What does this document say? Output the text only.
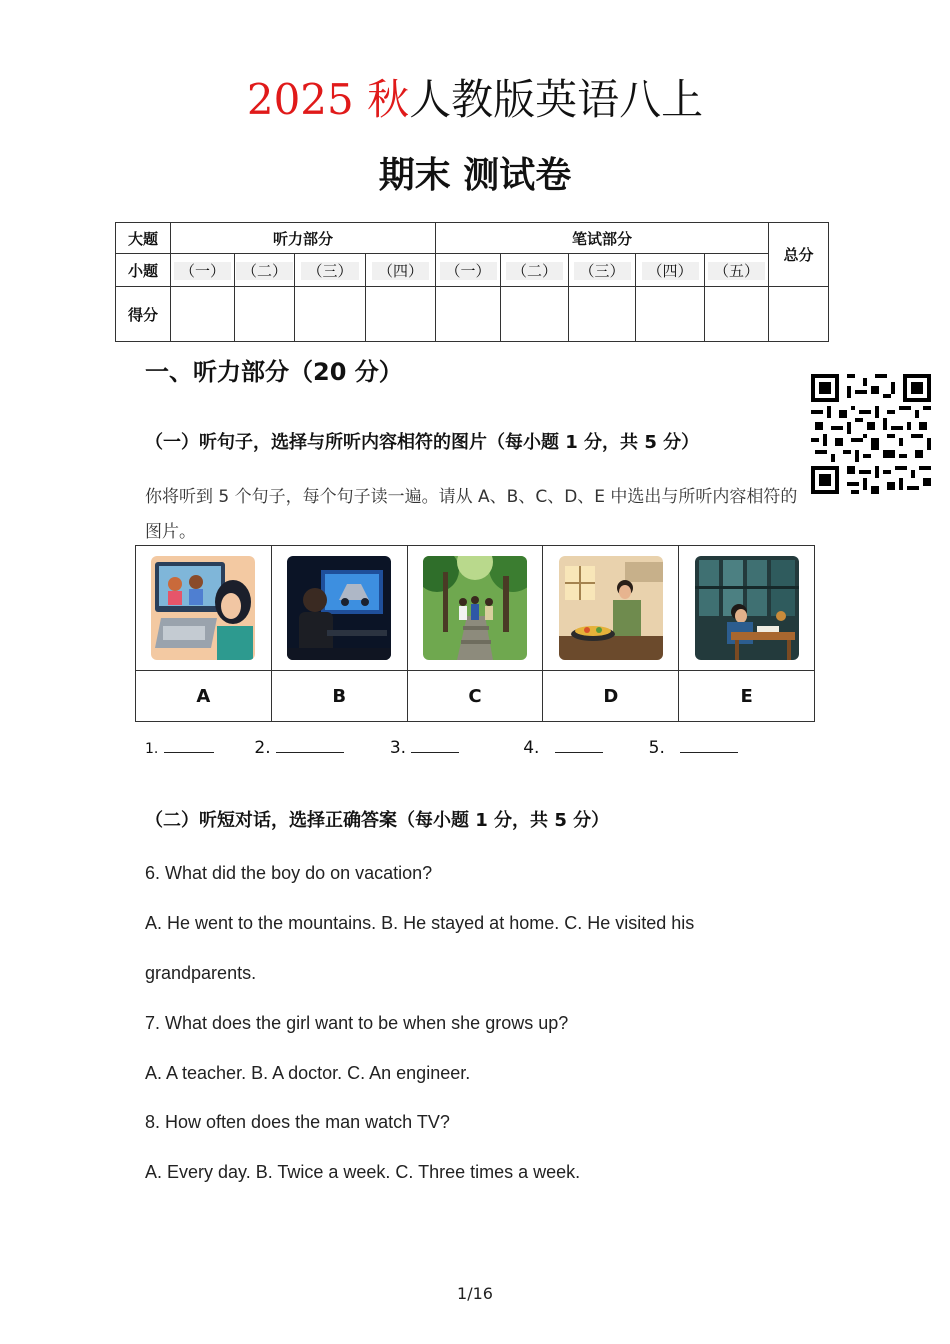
2025 秋人教版英语八上
期末 测试卷
大题	听力部分				笔试部分					总分
小题	（一）	（二）	（三）	（四）	（一）	（二）	（三）	（四）	（五）	
得分										
一、听力部分（20 分）
（一）听句子，选择与所听内容相符的图片（每小题 1 分，共 5 分）
你将听到 5 个句子，每个句子读一遍。请从 A、B、C、D、E 中选出与所听内容相符的图片。

A	B	C	D	E
1.	2.	3.	4.	5.
（二）听短对话，选择正确答案（每小题 1 分，共 5 分）
6. What did the boy do on vacation?
A. He went to the mountains. B. He stayed at home. C. He visited his
grandparents.
7. What does the girl want to be when she grows up?
A. A teacher. B. A doctor. C. An engineer.
8. How often does the man watch TV?
A. Every day. B. Twice a week. C. Three times a week.
1/16
